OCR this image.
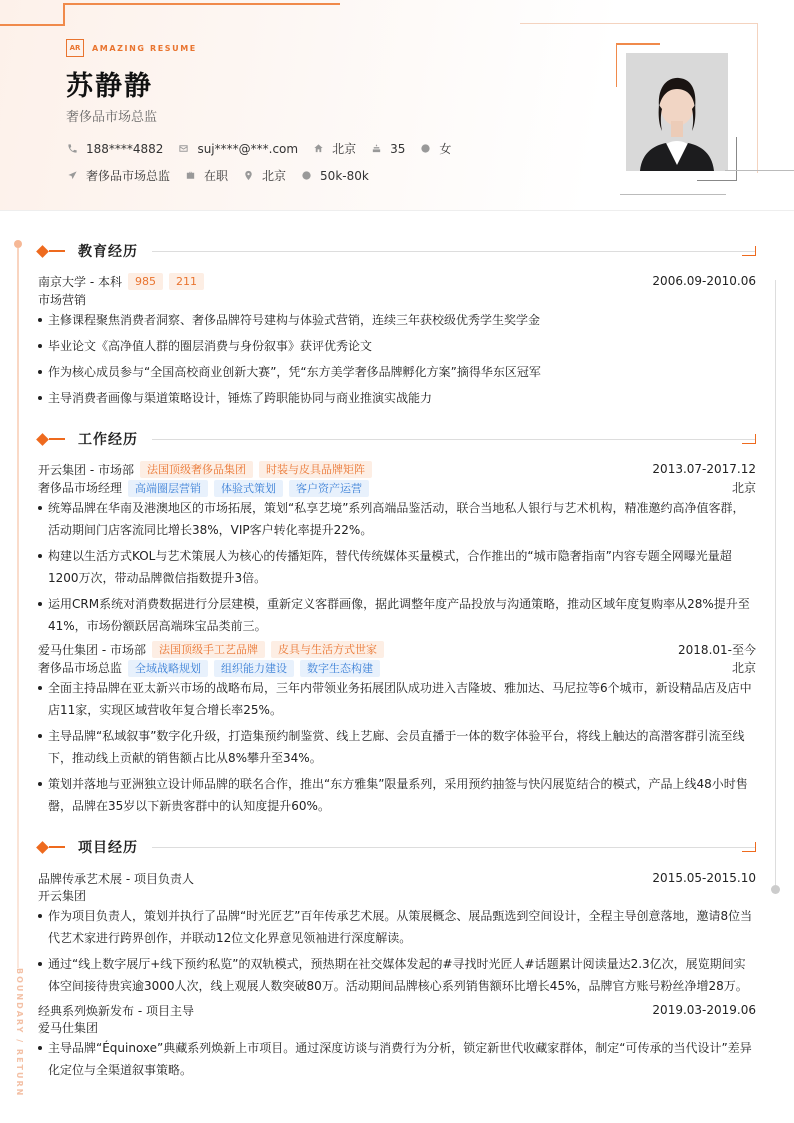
AR	AMAZING RESUME
苏静静
奢侈品市场总监
188****4882	suj****@***.com	北京	35	女
奢侈品市场总监	在职	北京	50k-80k
BOUNDARY / RETURN
教育经历
南京大学 - 本科	985	211	2006.09-2010.06
市场营销
主修课程聚焦消费者洞察、奢侈品牌符号建构与体验式营销，连续三年获校级优秀学生奖学金
毕业论文《高净值人群的圈层消费与身份叙事》获评优秀论文
作为核心成员参与“全国高校商业创新大赛”，凭“东方美学奢侈品牌孵化方案”摘得华东区冠军
主导消费者画像与渠道策略设计，锤炼了跨职能协同与商业推演实战能力
工作经历
开云集团 - 市场部	法国顶级奢侈品集团	时装与皮具品牌矩阵	2013.07-2017.12
奢侈品市场经理	高端圈层营销	体验式策划	客户资产运营	北京
统筹品牌在华南及港澳地区的市场拓展，策划“私享艺境”系列高端品鉴活动，联合当地私人银行与艺术机构，精准邀约高净值客群，活动期间门店客流同比增长38%，VIP客户转化率提升22%。
构建以生活方式KOL与艺术策展人为核心的传播矩阵，替代传统媒体买量模式，合作推出的“城市隐奢指南”内容专题全网曝光量超1200万次，带动品牌微信指数提升3倍。
运用CRM系统对消费数据进行分层建模，重新定义客群画像，据此调整年度产品投放与沟通策略，推动区域年度复购率从28%提升至41%，市场份额跃居高端珠宝品类前三。
爱马仕集团 - 市场部	法国顶级手工艺品牌	皮具与生活方式世家	2018.01-至今
奢侈品市场总监	全域战略规划	组织能力建设	数字生态构建	北京
全面主持品牌在亚太新兴市场的战略布局，三年内带领业务拓展团队成功进入吉隆坡、雅加达、马尼拉等6个城市，新设精品店及店中店11家，实现区域营收年复合增长率25%。
主导品牌“私域叙事”数字化升级，打造集预约制鉴赏、线上艺廊、会员直播于一体的数字体验平台，将线上触达的高潜客群引流至线下，推动线上贡献的销售额占比从8%攀升至34%。
策划并落地与亚洲独立设计师品牌的联名合作，推出“东方雅集”限量系列，采用预约抽签与快闪展览结合的模式，产品上线48小时售罄，品牌在35岁以下新贵客群中的认知度提升60%。
项目经历
品牌传承艺术展 - 项目负责人	2015.05-2015.10
开云集团
作为项目负责人，策划并执行了品牌“时光匠艺”百年传承艺术展。从策展概念、展品甄选到空间设计，全程主导创意落地，邀请8位当代艺术家进行跨界创作，并联动12位文化界意见领袖进行深度解读。
通过“线上数字展厅+线下预约私览”的双轨模式，预热期在社交媒体发起的#寻找时光匠人#话题累计阅读量达2.3亿次，展览期间实体空间接待贵宾逾3000人次，线上观展人数突破80万。活动期间品牌核心系列销售额环比增长45%，品牌官方账号粉丝净增28万。
经典系列焕新发布 - 项目主导	2019.03-2019.06
爱马仕集团
主导品牌“Équinoxe”典藏系列焕新上市项目。通过深度访谈与消费行为分析，锁定新世代收藏家群体，制定“可传承的当代设计”差异化定位与全渠道叙事策略。
